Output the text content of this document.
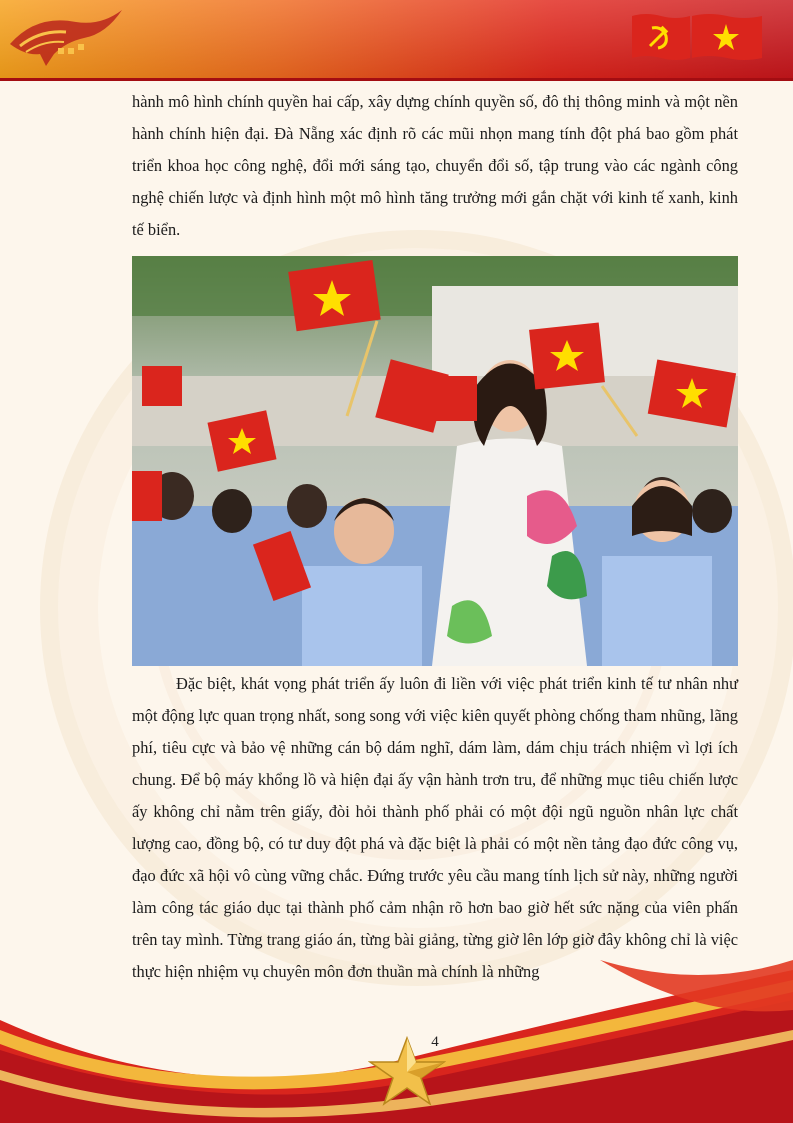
hành mô hình chính quyền hai cấp, xây dựng chính quyền số, đô thị thông minh và một nền hành chính hiện đại. Đà Nẵng xác định rõ các mũi nhọn mang tính đột phá bao gồm phát triển khoa học công nghệ, đổi mới sáng tạo, chuyển đổi số, tập trung vào các ngành công nghệ chiến lược và định hình một mô hình tăng trưởng mới gắn chặt với kinh tế xanh, kinh tế biển.

Đặc biệt, khát vọng phát triển ấy luôn đi liền với việc phát triển kinh tế tư nhân như một động lực quan trọng nhất, song song với việc kiên quyết phòng chống tham nhũng, lãng phí, tiêu cực và bảo vệ những cán bộ dám nghĩ, dám làm, dám chịu trách nhiệm vì lợi ích chung. Để bộ máy khổng lồ và hiện đại ấy vận hành trơn tru, để những mục tiêu chiến lược ấy không chỉ nằm trên giấy, đòi hỏi thành phố phải có một đội ngũ nguồn nhân lực chất lượng cao, đồng bộ, có tư duy đột phá và đặc biệt là phải có một nền tảng đạo đức công vụ, đạo đức xã hội vô cùng vững chắc. Đứng trước yêu cầu mang tính lịch sử này, những người làm công tác giáo dục tại thành phố cảm nhận rõ hơn bao giờ hết sức nặng của viên phấn trên tay mình. Từng trang giáo án, từng bài giảng, từng giờ lên lớp giờ đây không chỉ là việc thực hiện nhiệm vụ chuyên môn đơn thuần mà chính là những

4
